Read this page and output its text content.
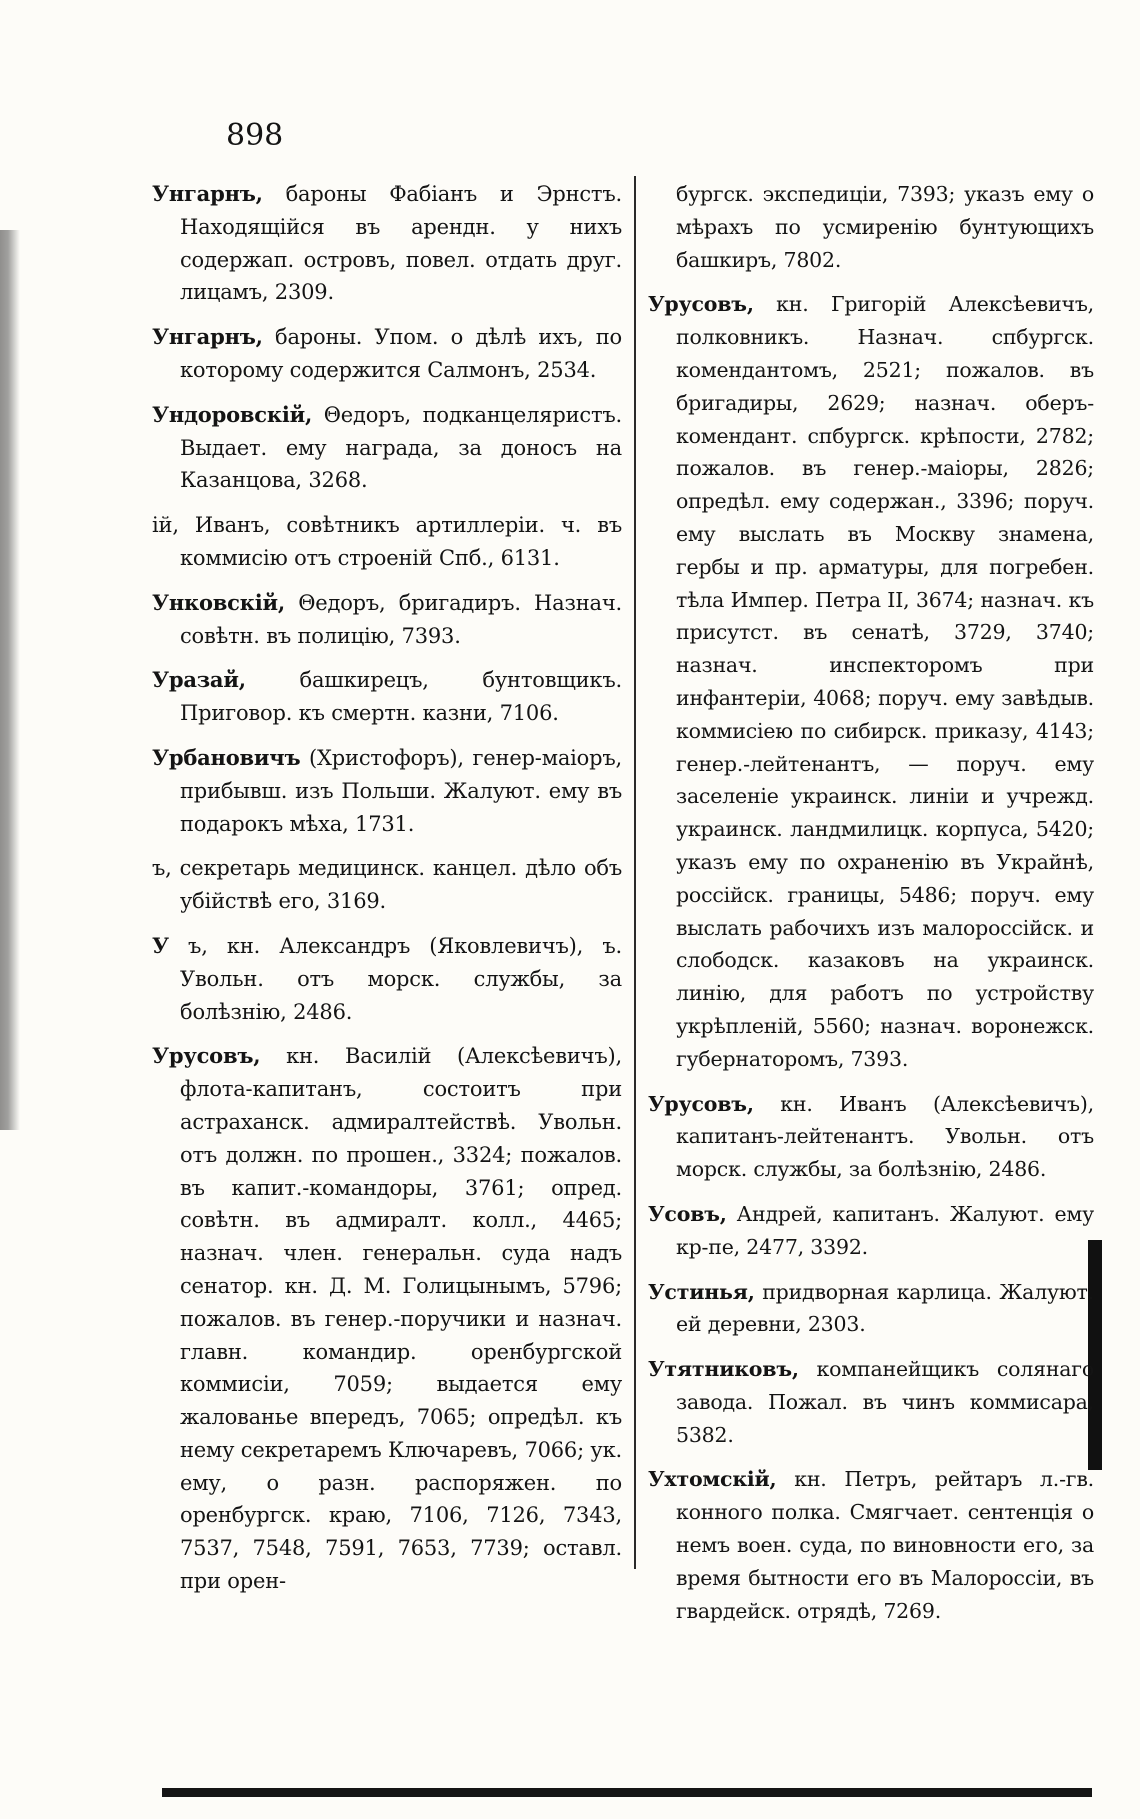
898

Унгарнъ, бароны Фабіанъ и Эрнстъ. Находящійся въ арендн. у нихъ содержап. островъ, повел. отдать друг. лицамъ, 2309.

Унгарнъ, бароны. Упом. о дѣлѣ ихъ, по которому содержится Салмонъ, 2534.

Ундоровскій, Θедоръ, подканцеляристъ. Выдает. ему награда, за доносъ на Казанцова, 3268.

ій, Иванъ, совѣтникъ артиллеріи. ч. въ коммисію отъ строеній Спб., 6131.

Унковскій, Θедоръ, бригадиръ. Назнач. совѣтн. въ полицію, 7393.

Уразай, башкирецъ, бунтовщикъ. Приговор. къ смертн. казни, 7106.

Урбановичъ (Христофоръ), генер-маіоръ, прибывш. изъ Польши. Жалуют. ему въ подарокъ мѣха, 1731.

ъ, секретарь медицинск. канцел. дѣло объ убійствѣ его, 3169.

У ъ, кн. Александръ (Яковлевичъ), ъ. Увольн. отъ морск. службы, за болѣзнію, 2486.

Урусовъ, кн. Василій (Алексѣевичъ), флота-капитанъ, состоитъ при астраханск. адмиралтействѣ. Увольн. отъ должн. по прошен., 3324; пожалов. въ капит.-командоры, 3761; опред. совѣтн. въ адмиралт. колл., 4465; назнач. член. генеральн. суда надъ сенатор. кн. Д. М. Голицынымъ, 5796; пожалов. въ генер.-поручики и назнач. главн. командир. оренбургской коммисіи, 7059; выдается ему жалованье впередъ, 7065; опредѣл. къ нему секретаремъ Ключаревъ, 7066; ук. ему, о разн. распоряжен. по оренбургск. краю, 7106, 7126, 7343, 7537, 7548, 7591, 7653, 7739; оставл. при орен-

бургск. экспедиціи, 7393; указъ ему о мѣрахъ по усмиренію бунтующихъ башкиръ, 7802.

Урусовъ, кн. Григорій Алексѣевичъ, полковникъ. Назнач. спбургск. комендантомъ, 2521; пожалов. въ бригадиры, 2629; назнач. оберъ-комендант. спбургск. крѣпости, 2782; пожалов. въ генер.-маіоры, 2826; опредѣл. ему содержан., 3396; поруч. ему выслать въ Москву знамена, гербы и пр. арматуры, для погребен. тѣла Импер. Петра II, 3674; назнач. къ присутст. въ сенатѣ, 3729, 3740; назнач. инспекторомъ при инфантеріи, 4068; поруч. ему завѣдыв. коммисіею по сибирск. приказу, 4143; генер.-лейтенантъ, — поруч. ему заселеніе украинск. линіи и учрежд. украинск. ландмилицк. корпуса, 5420; указъ ему по охраненію въ Украйнѣ, россійск. границы, 5486; поруч. ему выслать рабочихъ изъ малороссійск. и слободск. казаковъ на украинск. линію, для работъ по устройству укрѣпленій, 5560; назнач. воронежск. губернаторомъ, 7393.

Урусовъ, кн. Иванъ (Алексѣевичъ), капитанъ-лейтенантъ. Увольн. отъ морск. службы, за болѣзнію, 2486.

Усовъ, Андрей, капитанъ. Жалуют. ему кр-пе, 2477, 3392.

Устинья, придворная карлица. Жалуют. ей деревни, 2303.

Утятниковъ, компанейщикъ солянаго завода. Пожал. въ чинъ коммисара, 5382.

Ухтомскій, кн. Петръ, рейтаръ л.-гв. конного полка. Смягчает. сентенція о немъ воен. суда, по виновности его, за время бытности его въ Малороссіи, въ гвардейск. отрядѣ, 7269.
